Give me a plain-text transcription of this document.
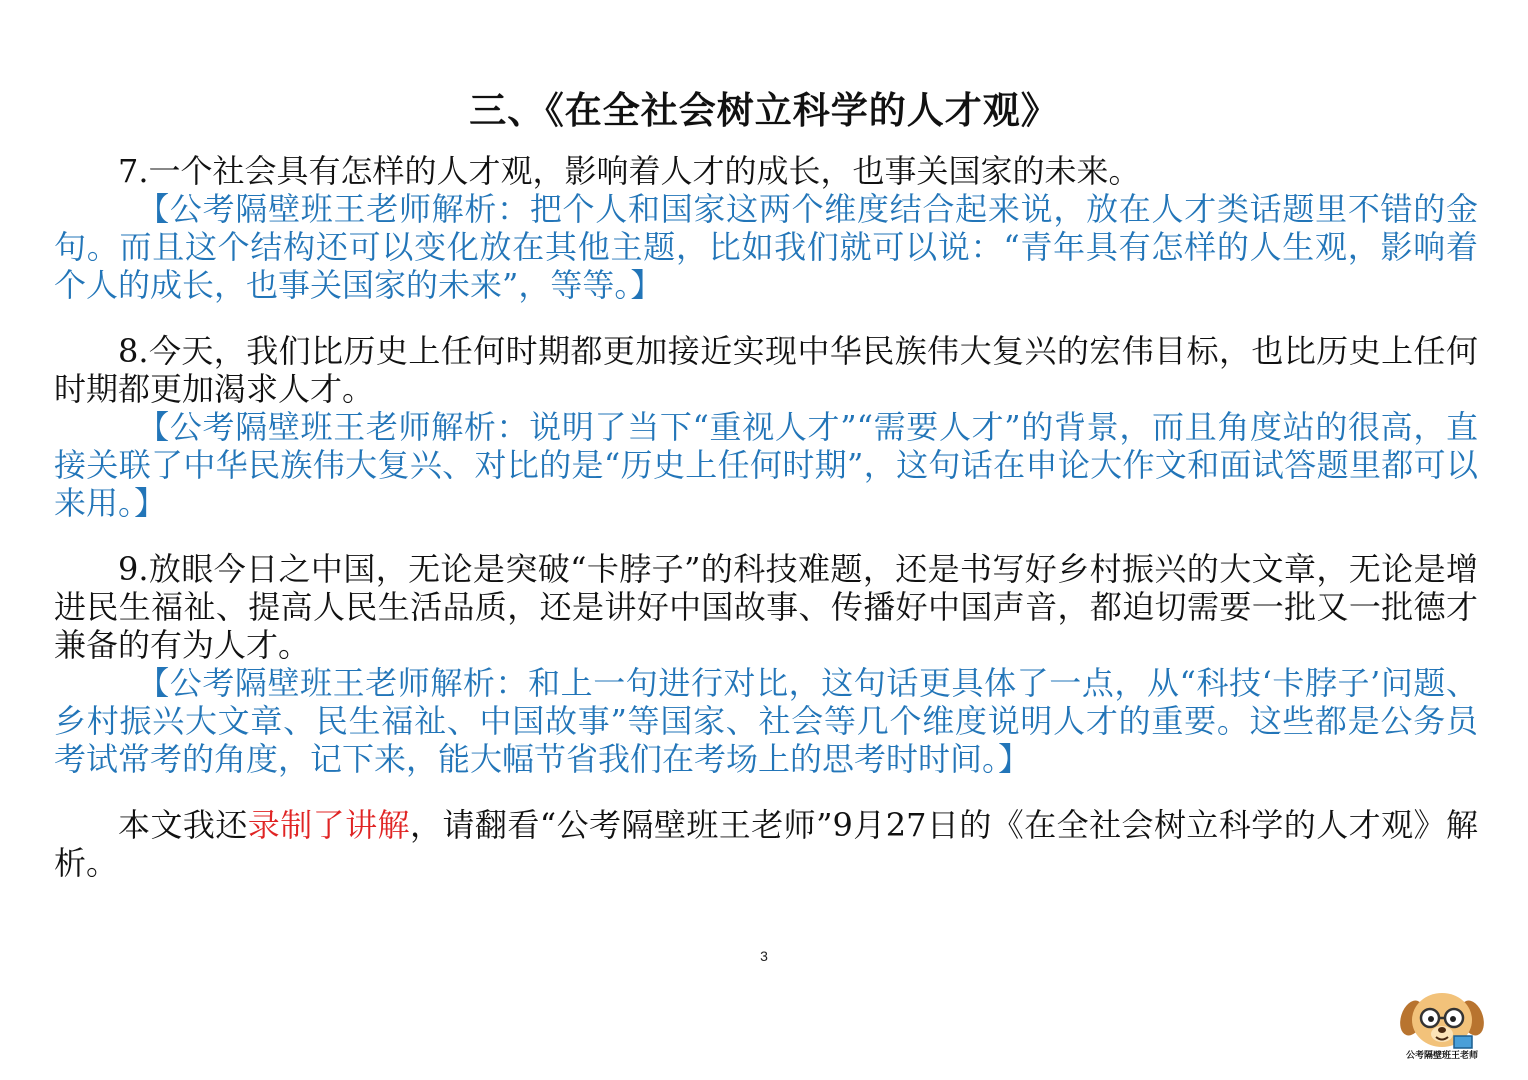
三、《在全社会树立科学的人才观》

7.一个社会具有怎样的人才观，影响着人才的成长，也事关国家的未来。

【公考隔壁班王老师解析：把个人和国家这两个维度结合起来说，放在人才类话题里不错的金句。而且这个结构还可以变化放在其他主题，比如我们就可以说：“青年具有怎样的人生观，影响着个人的成长，也事关国家的未来”，等等。】

8.今天，我们比历史上任何时期都更加接近实现中华民族伟大复兴的宏伟目标，也比历史上任何时期都更加渴求人才。

【公考隔壁班王老师解析：说明了当下“重视人才”“需要人才”的背景，而且角度站的很高，直接关联了中华民族伟大复兴、对比的是“历史上任何时期”，这句话在申论大作文和面试答题里都可以来用。】

9.放眼今日之中国，无论是突破“卡脖子”的科技难题，还是书写好乡村振兴的大文章，无论是增进民生福祉、提高人民生活品质，还是讲好中国故事、传播好中国声音，都迫切需要一批又一批德才兼备的有为人才。

【公考隔壁班王老师解析：和上一句进行对比，这句话更具体了一点，从“科技‘卡脖子’问题、乡村振兴大文章、民生福祉、中国故事”等国家、社会等几个维度说明人才的重要。这些都是公务员考试常考的角度，记下来，能大幅节省我们在考场上的思考时时间。】

本文我还录制了讲解，请翻看“公考隔壁班王老师”9月27日的《在全社会树立科学的人才观》解析。

3
公考隔壁班王老师
